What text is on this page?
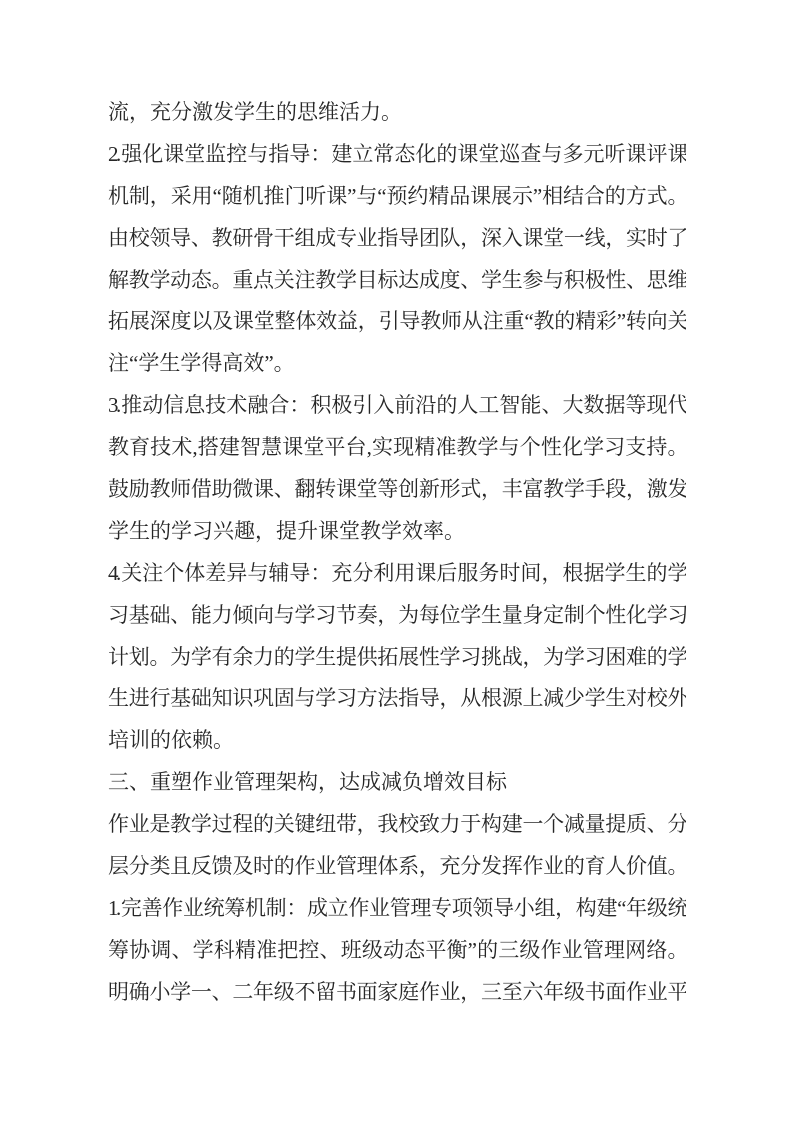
流，充分激发学生的思维活力。
2.强化课堂监控与指导：建立常态化的课堂巡查与多元听课评课
机制，采用“随机推门听课”与“预约精品课展示”相结合的方式。
由校领导、教研骨干组成专业指导团队，深入课堂一线，实时了
解教学动态。重点关注教学目标达成度、学生参与积极性、思维
拓展深度以及课堂整体效益，引导教师从注重“教的精彩”转向关
注“学生学得高效”。
3.推动信息技术融合：积极引入前沿的人工智能、大数据等现代
教育技术,搭建智慧课堂平台,实现精准教学与个性化学习支持。
鼓励教师借助微课、翻转课堂等创新形式，丰富教学手段，激发
学生的学习兴趣，提升课堂教学效率。
4.关注个体差异与辅导：充分利用课后服务时间，根据学生的学
习基础、能力倾向与学习节奏，为每位学生量身定制个性化学习
计划。为学有余力的学生提供拓展性学习挑战，为学习困难的学
生进行基础知识巩固与学习方法指导，从根源上减少学生对校外
培训的依赖。
三、重塑作业管理架构，达成减负增效目标
作业是教学过程的关键纽带，我校致力于构建一个减量提质、分
层分类且反馈及时的作业管理体系，充分发挥作业的育人价值。
1.完善作业统筹机制：成立作业管理专项领导小组，构建“年级统
筹协调、学科精准把控、班级动态平衡”的三级作业管理网络。
明确小学一、二年级不留书面家庭作业，三至六年级书面作业平
